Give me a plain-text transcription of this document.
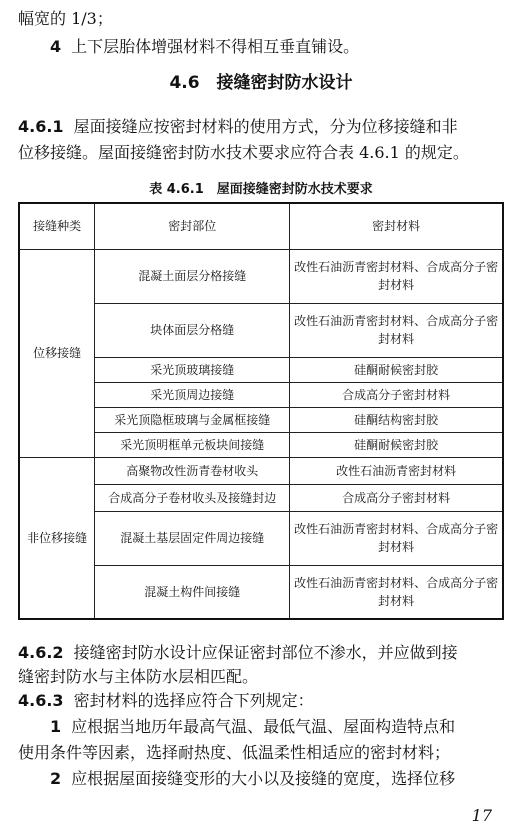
幅宽的 1/3；
4 上下层胎体增强材料不得相互垂直铺设。
4.6　接缝密封防水设计
4.6.1 屋面接缝应按密封材料的使用方式，分为位移接缝和非
位移接缝。屋面接缝密封防水技术要求应符合表 4.6.1 的规定。
表 4.6.1　屋面接缝密封防水技术要求
接缝种类	密封部位	密封材料
位移接缝	混凝土面层分格接缝	改性石油沥青密封材料、合成高分子密封材料
	块体面层分格缝	改性石油沥青密封材料、合成高分子密封材料
	采光顶玻璃接缝	硅酮耐候密封胶
	采光顶周边接缝	合成高分子密封材料
	采光顶隐框玻璃与金属框接缝	硅酮结构密封胶
	采光顶明框单元板块间接缝	硅酮耐候密封胶
非位移接缝	高聚物改性沥青卷材收头	改性石油沥青密封材料
	合成高分子卷材收头及接缝封边	合成高分子密封材料
	混凝土基层固定件周边接缝	改性石油沥青密封材料、合成高分子密封材料
	混凝土构件间接缝	改性石油沥青密封材料、合成高分子密封材料
4.6.2 接缝密封防水设计应保证密封部位不渗水，并应做到接
缝密封防水与主体防水层相匹配。
4.6.3 密封材料的选择应符合下列规定：
1 应根据当地历年最高气温、最低气温、屋面构造特点和
使用条件等因素，选择耐热度、低温柔性相适应的密封材料；
2 应根据屋面接缝变形的大小以及接缝的宽度，选择位移
17
